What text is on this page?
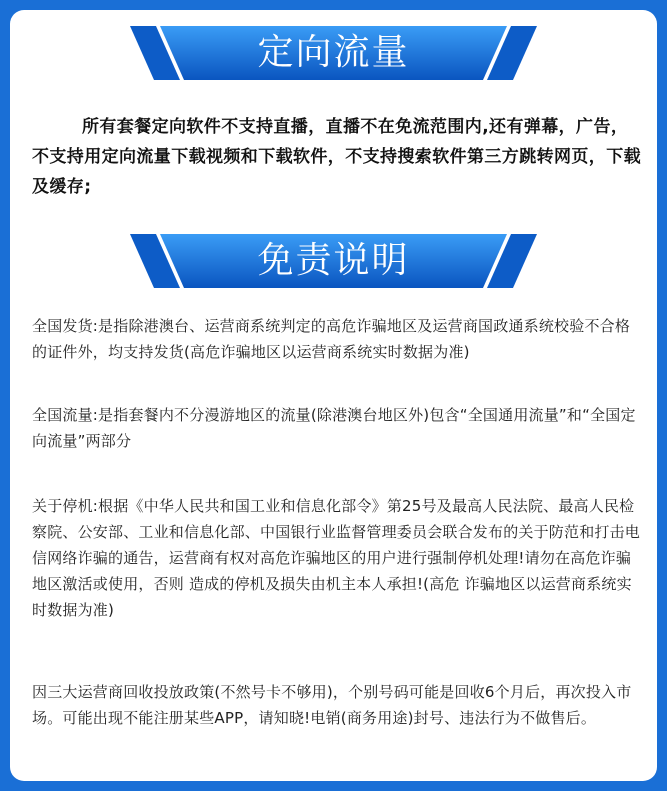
定向流量
所有套餐定向软件不支持直播，直播不在免流范围内,还有弹幕，广告，不支持用定向流量下载视频和下载软件，不支持搜索软件第三方跳转网页，下载及缓存;
免责说明
全国发货:是指除港澳台、运营商系统判定的高危诈骗地区及运营商国政通系统校验不合格的证件外，均支持发货(高危诈骗地区以运营商系统实时数据为准)
全国流量:是指套餐内不分漫游地区的流量(除港澳台地区外)包含“全国通用流量”和“全国定向流量”两部分
关于停机:根据《中华人民共和国工业和信息化部令》第25号及最高人民法院、最高人民检察院、公安部、工业和信息化部、中国银行业监督管理委员会联合发布的关于防范和打击电信网络诈骗的通告，运营商有权对高危诈骗地区的用户进行强制停机处理!请勿在高危诈骗地区激活或使用，否则 造成的停机及损失由机主本人承担!(高危 诈骗地区以运营商系统实时数据为准)
因三大运营商回收投放政策(不然号卡不够用)，个别号码可能是回收6个月后，再次投入市场。可能出现不能注册某些APP，请知晓!电销(商务用途)封号、违法行为不做售后。
